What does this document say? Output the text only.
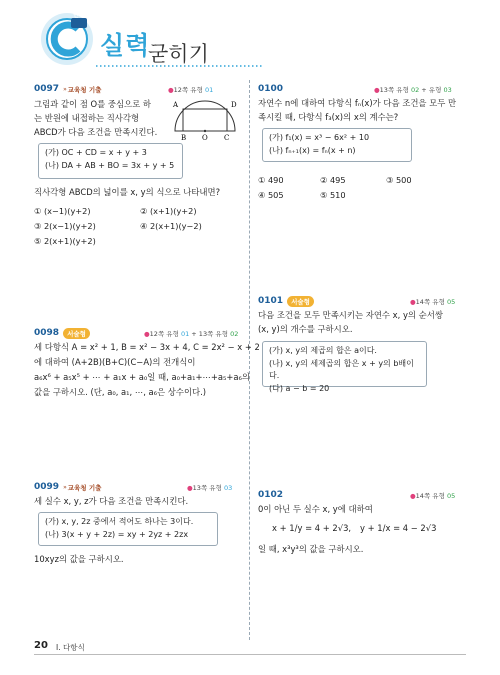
단계
실력
굳히기
0097 » 교육청 기출	●12쪽 유형 01
그림과 같이 점 O를 중심으로 하
는 반원에 내접하는 직사각형
ABCD가 다음 조건을 만족시킨다.
A	D
B O C
(가) OC + CD = x + y + 3
(나) DA + AB + BO = 3x + y + 5
직사각형 ABCD의 넓이를 x, y의 식으로 나타내면?
① (x−1)(y+2)	② (x+1)(y+2)
③ 2(x−1)(y+2)	④ 2(x+1)(y−2)
⑤ 2(x+1)(y+2)
0098	서술형	●12쪽 유형 01 + 13쪽 유형 02
세 다항식 A = x² + 1, B = x² − 3x + 4, C = 2x² − x + 2
에 대하여 (A+2B)(B+C)(C−A)의 전개식이
a₆x⁶ + a₅x⁵ + ⋯ + a₁x + a₀일 때, a₀+a₁+⋯+a₅+a₆의
값을 구하시오. (단, a₀, a₁, ⋯, a₆은 상수이다.)
0099 » 교육청 기출	●13쪽 유형 03
세 실수 x, y, z가 다음 조건을 만족시킨다.
(가) x, y, 2z 중에서 적어도 하나는 3이다.
(나) 3(x + y + 2z) = xy + 2yz + 2zx
10xyz의 값을 구하시오.
0100	●13쪽 유형 02 + 유형 03
자연수 n에 대하여 다항식 fₙ(x)가 다음 조건을 모두 만
족시킬 때, 다항식 f₃(x)의 x의 계수는?
(가) f₁(x) = x³ − 6x² + 10
(나) fₙ₊₁(x) = fₙ(x + n)
① 490	② 495	③ 500
④ 505	⑤ 510
0101	서술형	●14쪽 유형 05
다음 조건을 모두 만족시키는 자연수 x, y의 순서쌍
(x, y)의 개수를 구하시오.
(가) x, y의 제곱의 합은 a이다.
(나) x, y의 세제곱의 합은 x + y의 b배이다.
(다) a − b = 20
0102	●14쪽 유형 05
0이 아닌 두 실수 x, y에 대하여
x + 1/y = 4 + 2√3, y + 1/x = 4 − 2√3
일 때, x³y³의 값을 구하시오.
20 I. 다항식
